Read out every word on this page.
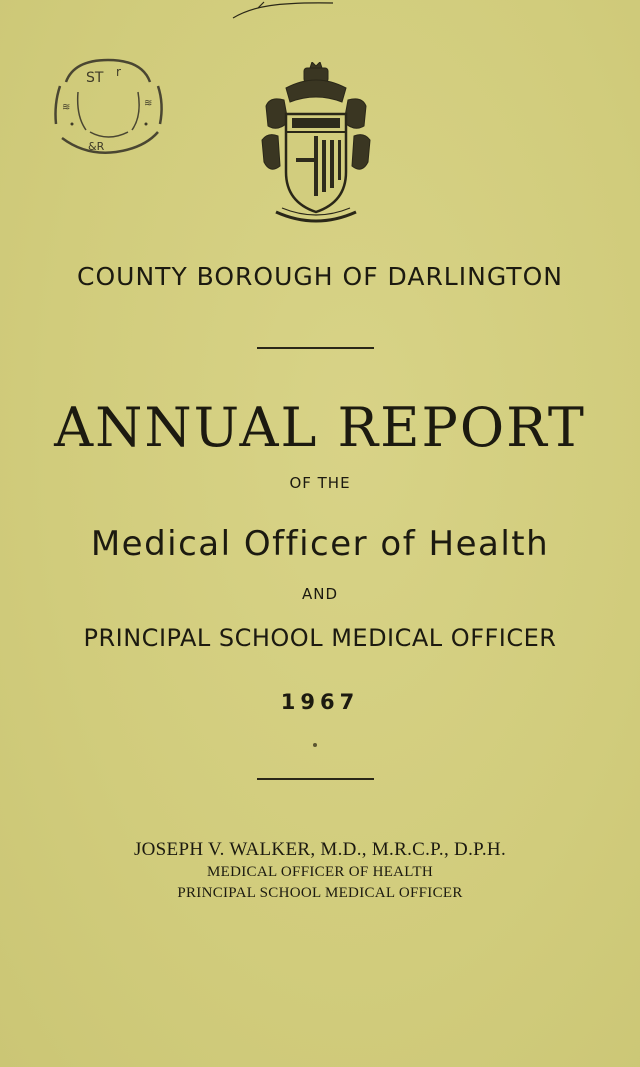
ST r
≋	≋
&R
COUNTY BOROUGH OF DARLINGTON
ANNUAL REPORT
OF THE
Medical Officer of Health
AND
PRINCIPAL SCHOOL MEDICAL OFFICER
1967
JOSEPH V. WALKER, M.D., M.R.C.P., D.P.H.
MEDICAL OFFICER OF HEALTH
PRINCIPAL SCHOOL MEDICAL OFFICER
